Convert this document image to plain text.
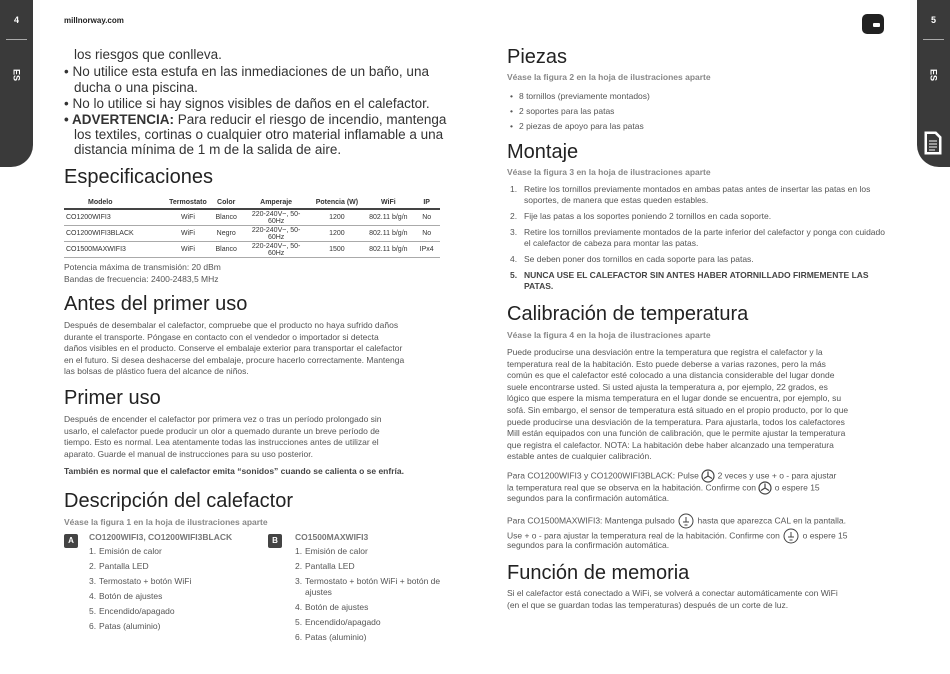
4
ES
5
ES
millnorway.com
los riesgos que conlleva.
• No utilice esta estufa en las inmediaciones de un baño, una
ducha o una piscina.
• No lo utilice si hay signos visibles de daños en el calefactor.
• ADVERTENCIA: Para reducir el riesgo de incendio, mantenga
los textiles, cortinas o cualquier otro material inflamable a una
distancia mínima de 1 m de la salida de aire.
Especificaciones
Modelo	Termostato	Color	Amperaje	Potencia (W)	WiFi	IP
CO1200WIFI3	WiFi	Blanco	220-240V~, 50-60Hz	1200	802.11 b/g/n	No
CO1200WIFI3BLACK	WiFi	Negro	220-240V~, 50-60Hz	1200	802.11 b/g/n	No
CO1500MAXWIFI3	WiFi	Blanco	220-240V~, 50-60Hz	1500	802.11 b/g/n	IPx4
Potencia máxima de transmisión: 20 dBm
Bandas de frecuencia: 2400-2483,5 MHz
Antes del primer uso
Después de desembalar el calefactor, compruebe que el producto no haya sufrido daños
durante el transporte. Póngase en contacto con el vendedor o importador si detecta
daños visibles en el producto. Conserve el embalaje exterior para transportar el calefactor
en el futuro. Si desea deshacerse del embalaje, procure hacerlo correctamente. Mantenga
las bolsas de plástico fuera del alcance de niños.
Primer uso
Después de encender el calefactor por primera vez o tras un período prolongado sin
usarlo, el calefactor puede producir un olor a quemado durante un breve período de
tiempo. Esto es normal. Lea atentamente todas las instrucciones antes de utilizar el
aparato. Guarde el manual de instrucciones para su uso posterior.
También es normal que el calefactor emita “sonidos” cuando se calienta o se enfría.
Descripción del calefactor
Véase la figura 1 en la hoja de ilustraciones aparte
A	CO1200WIFI3, CO1200WIFI3BLACK
1. Emisión de calor
2. Pantalla LED
3. Termostato + botón WiFi
4. Botón de ajustes
5. Encendido/apagado
6. Patas (aluminio)
B	CO1500MAXWIFI3
1. Emisión de calor
2. Pantalla LED
3. Termostato + botón WiFi + botón de ajustes
4. Botón de ajustes
5. Encendido/apagado
6. Patas (aluminio)
Piezas
Véase la figura 2 en la hoja de ilustraciones aparte
• 8 tornillos (previamente montados)
• 2 soportes para las patas
• 2 piezas de apoyo para las patas
Montaje
Véase la figura 3 en la hoja de ilustraciones aparte
1. Retire los tornillos previamente montados en ambas patas antes de insertar las patas en los soportes, de manera que estas queden estables.
2. Fije las patas a los soportes poniendo 2 tornillos en cada soporte.
3. Retire los tornillos previamente montados de la parte inferior del calefactor y ponga con cuidado el calefactor de cabeza para montar las patas.
4. Se deben poner dos tornillos en cada soporte para las patas.
5. NUNCA USE EL CALEFACTOR SIN ANTES HABER ATORNILLADO FIRMEMENTE LAS PATAS.
Calibración de temperatura
Véase la figura 4 en la hoja de ilustraciones aparte
Puede producirse una desviación entre la temperatura que registra el calefactor y la
temperatura real de la habitación. Esto puede deberse a varias razones, pero la más
común es que el calefactor esté colocado a una distancia considerable del lugar donde
suele encontrarse usted. Si usted ajusta la temperatura a, por ejemplo, 22 grados, es
lógico que espere la misma temperatura en el lugar donde se encuentra, por ejemplo, su
sofá. Sin embargo, el sensor de temperatura está situado en el propio producto, por lo que
puede producirse una desviación de la temperatura. Para ajustarla, todos los calefactores
Mill están equipados con una función de calibración, que le permite ajustar la temperatura
que registra el calefactor. NOTA: La habitación debe haber alcanzado una temperatura
estable antes de cualquier calibración.
Para CO1200WIFI3 y CO1200WIFI3BLACK: Pulse 2 veces y use + o - para ajustar
la temperatura real que se observa en la habitación. Confirme con o espere 15
segundos para la confirmación automática.
Para CO1500MAXWIFI3: Mantenga pulsado	hasta que aparezca CAL en la pantalla.
Use + o - para ajustar la temperatura real de la habitación. Confirme con	o espere 15
segundos para la confirmación automática.
Función de memoria
Si el calefactor está conectado a WiFi, se volverá a conectar automáticamente con WiFi
(en el que se guardan todas las temperaturas) después de un corte de luz.
